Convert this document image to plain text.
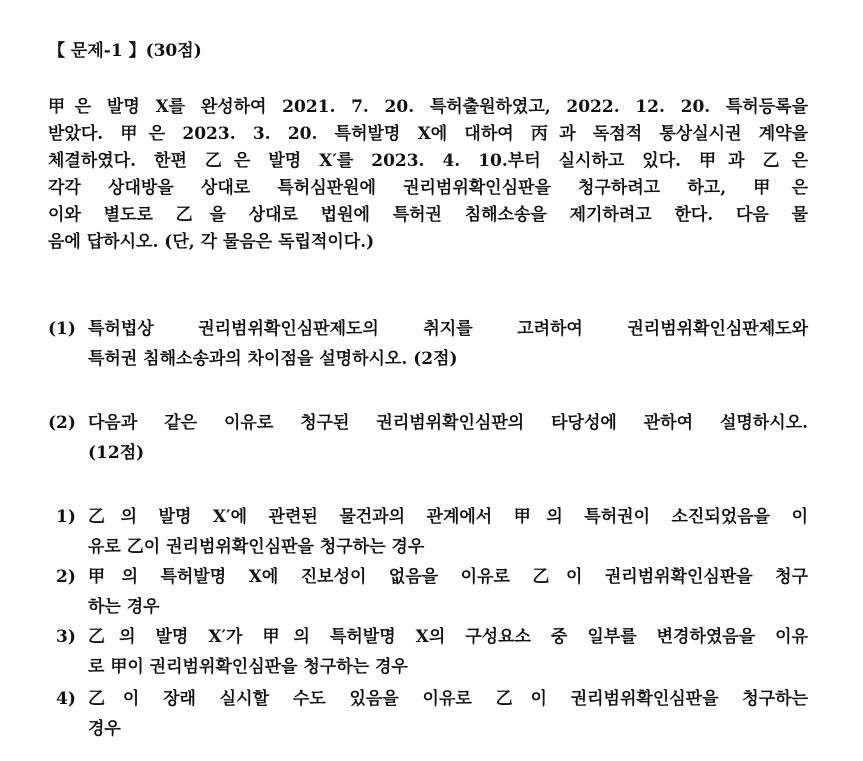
【 문제-1 】(30점)
甲은 발명 X를 완성하여 2021. 7. 20. 특허출원하였고, 2022. 12. 20. 특허등록을
받았다. 甲은 2023. 3. 20. 특허발명 X에 대하여 丙과 독점적 통상실시권 계약을
체결하였다. 한편 乙은 발명 X′를 2023. 4. 10.부터 실시하고 있다. 甲과 乙은
각각 상대방을 상대로 특허심판원에 권리범위확인심판을 청구하려고 하고, 甲은
이와 별도로 乙을 상대로 법원에 특허권 침해소송을 제기하려고 한다. 다음 물
음에 답하시오. (단, 각 물음은 독립적이다.)
(1) 특허법상 권리범위확인심판제도의 취지를 고려하여 권리범위확인심판제도와
특허권 침해소송과의 차이점을 설명하시오. (2점)
(2) 다음과 같은 이유로 청구된 권리범위확인심판의 타당성에 관하여 설명하시오.
(12점)
1) 乙의 발명 X′에 관련된 물건과의 관계에서 甲의 특허권이 소진되었음을 이
유로 乙이 권리범위확인심판을 청구하는 경우
2) 甲의 특허발명 X에 진보성이 없음을 이유로 乙이 권리범위확인심판을 청구
하는 경우
3) 乙의 발명 X′가 甲의 특허발명 X의 구성요소 중 일부를 변경하였음을 이유
로 甲이 권리범위확인심판을 청구하는 경우
4) 乙이 장래 실시할 수도 있음을 이유로 乙이 권리범위확인심판을 청구하는
경우
